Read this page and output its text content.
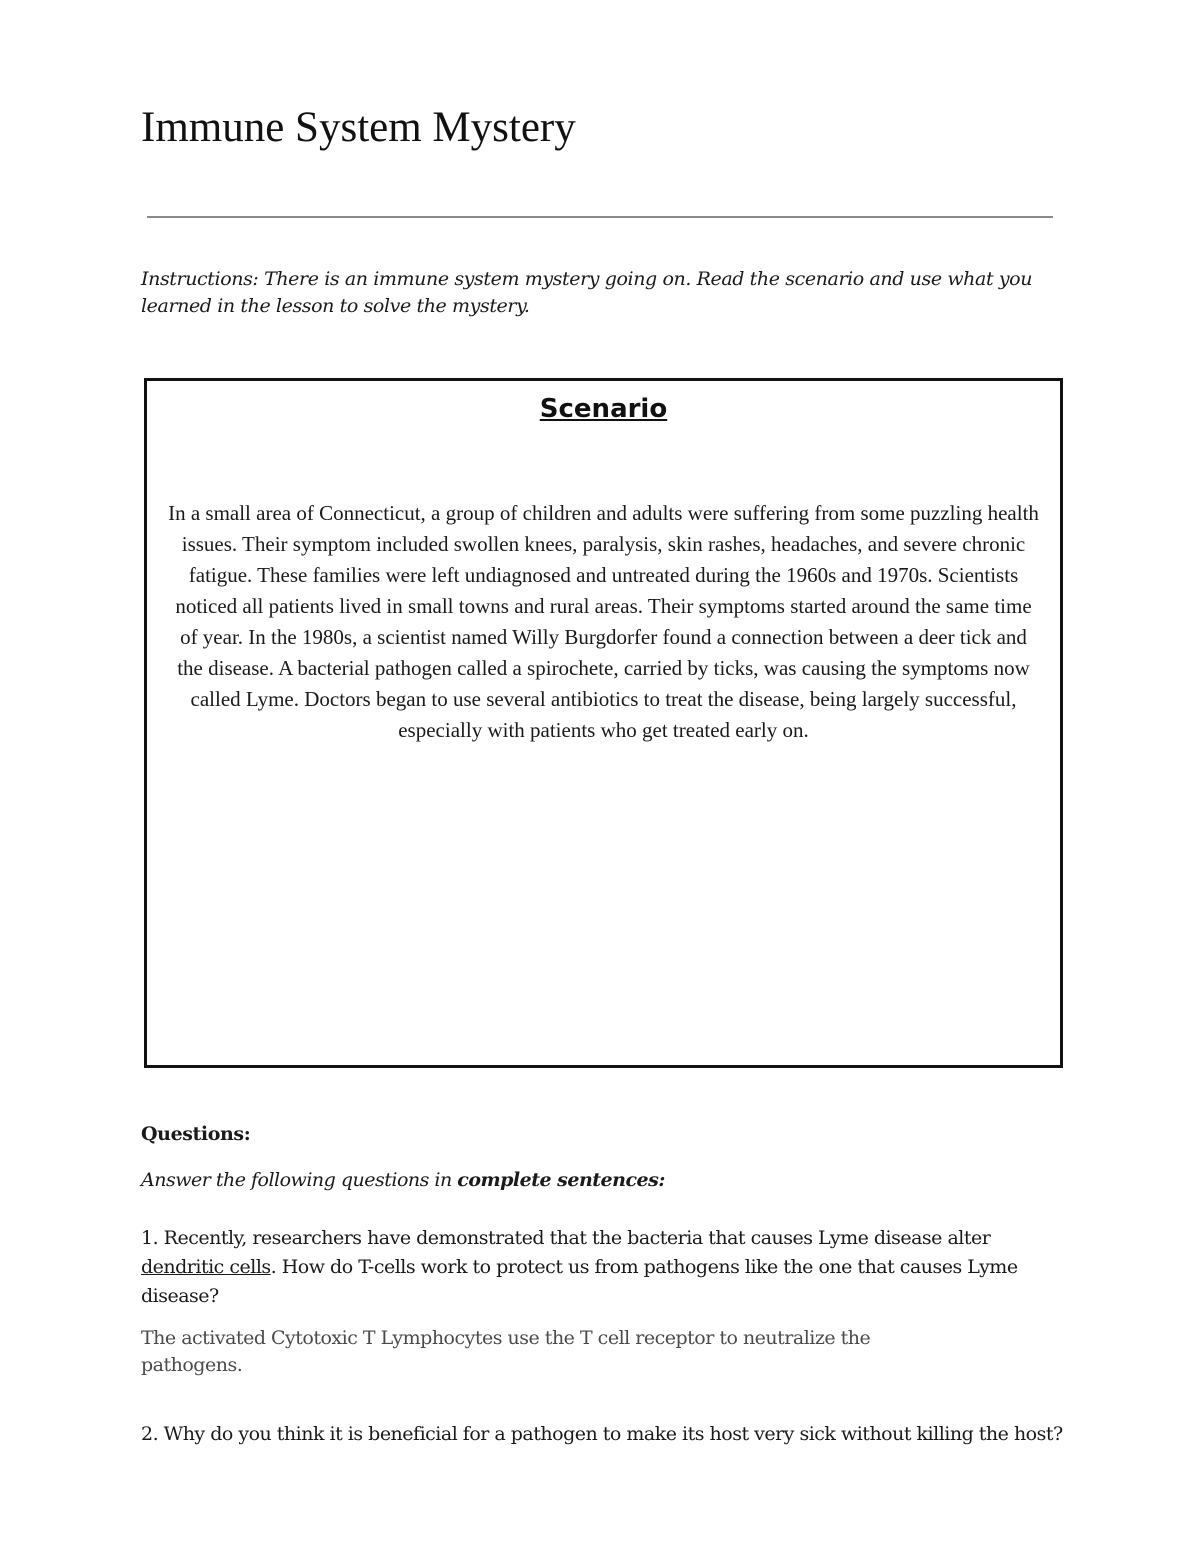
Immune System Mystery

Instructions: There is an immune system mystery going on. Read the scenario and use what you learned in the lesson to solve the mystery.

Scenario

In a small area of Connecticut, a group of children and adults were suffering from some puzzling health issues. Their symptom included swollen knees, paralysis, skin rashes, headaches, and severe chronic fatigue. These families were left undiagnosed and untreated during the 1960s and 1970s. Scientists noticed all patients lived in small towns and rural areas. Their symptoms started around the same time of year. In the 1980s, a scientist named Willy Burgdorfer found a connection between a deer tick and the disease. A bacterial pathogen called a spirochete, carried by ticks, was causing the symptoms now called Lyme. Doctors began to use several antibiotics to treat the disease, being largely successful, especially with patients who get treated early on.

Questions:

Answer the following questions in complete sentences:

1. Recently, researchers have demonstrated that the bacteria that causes Lyme disease alter dendritic cells. How do T-cells work to protect us from pathogens like the one that causes Lyme disease?

The activated Cytotoxic T Lymphocytes use the T cell receptor to neutralize the pathogens.

2. Why do you think it is beneficial for a pathogen to make its host very sick without killing the host?
